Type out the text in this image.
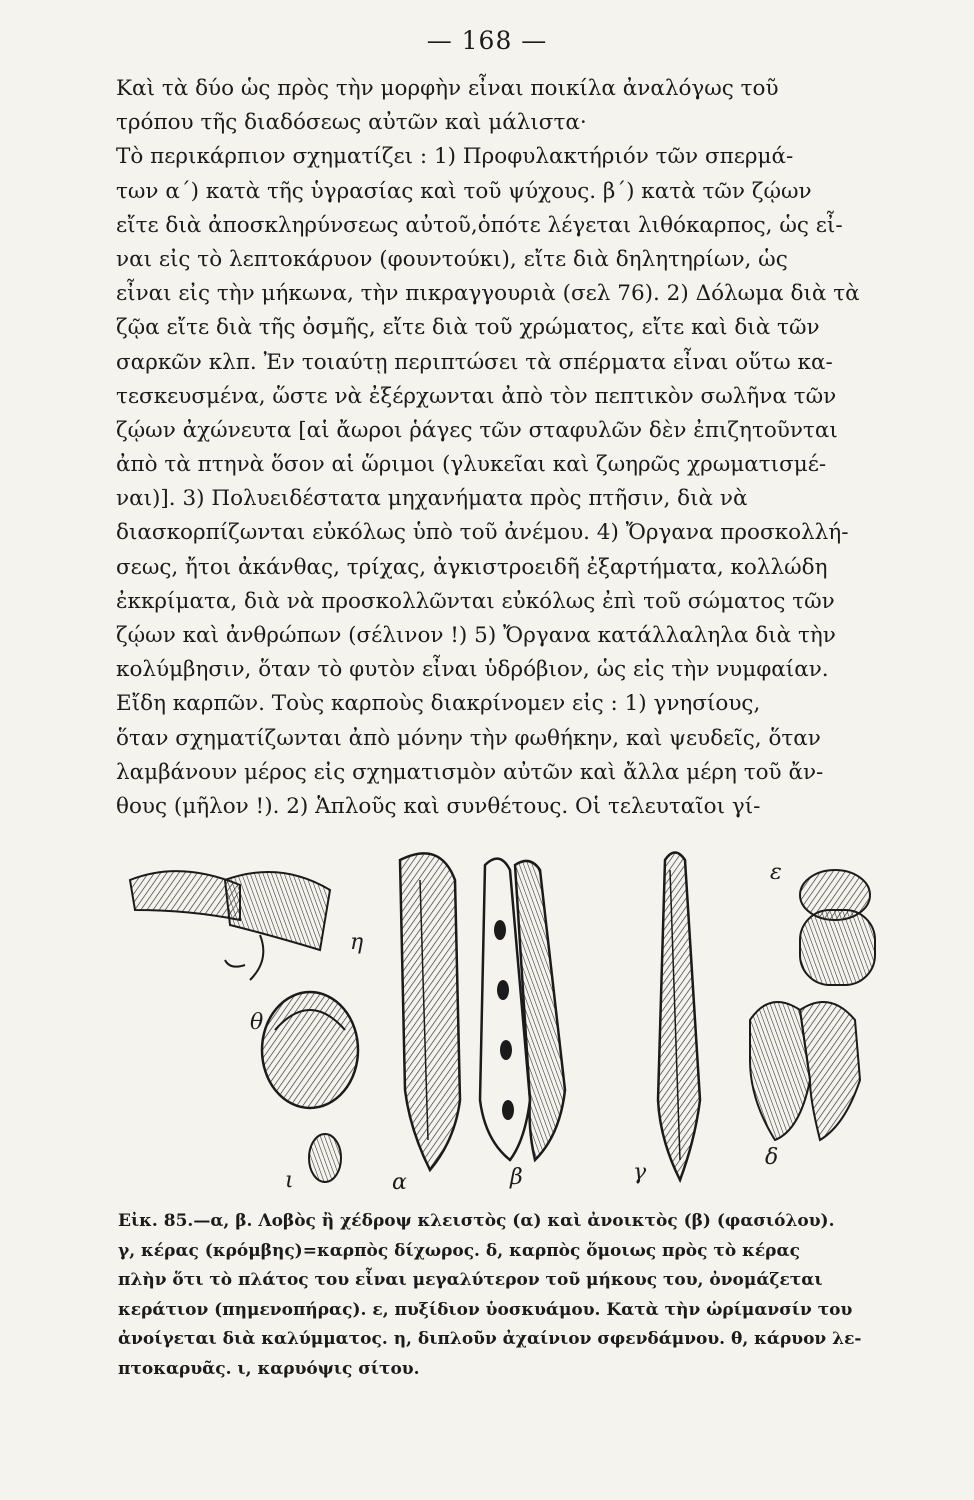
— 168 —
Καὶ τὰ δύο ὡς πρὸς τὴν μορφὴν εἶναι ποικίλα ἀναλόγως τοῦ
τρόπου τῆς διαδόσεως αὐτῶν καὶ μάλιστα·
Τὸ περικάρπιον σχηματίζει : 1) Προφυλακτήριόν τῶν σπερμά-
των α΄) κατὰ τῆς ὑγρασίας καὶ τοῦ ψύχους. β΄) κατὰ τῶν ζῴων
εἴτε διὰ ἀποσκληρύνσεως αὐτοῦ,ὁπότε λέγεται λιθόκαρπος, ὡς εἶ-
ναι εἰς τὸ λεπτοκάρυον (φουντούκι), εἴτε διὰ δηλητηρίων, ὡς
εἶναι εἰς τὴν μήκωνα, τὴν πικραγγουριὰ (σελ 76). 2) Δόλωμα διὰ τὰ
ζῷα εἴτε διὰ τῆς ὀσμῆς, εἴτε διὰ τοῦ χρώματος, εἴτε καὶ διὰ τῶν
σαρκῶν κλπ. Ἐν τοιαύτῃ περιπτώσει τὰ σπέρματα εἶναι οὕτω κα-
τεσκευσμένα, ὥστε νὰ ἐξέρχωνται ἀπὸ τὸν πεπτικὸν σωλῆνα τῶν
ζῴων ἀχώνευτα [αἱ ἄωροι ῥάγες τῶν σταφυλῶν δὲν ἐπιζητοῦνται
ἀπὸ τὰ πτηνὰ ὅσον αἱ ὥριμοι (γλυκεῖαι καὶ ζωηρῶς χρωματισμέ-
ναι)]. 3) Πολυειδέστατα μηχανήματα πρὸς πτῆσιν, διὰ νὰ
διασκορπίζωνται εὐκόλως ὑπὸ τοῦ ἀνέμου. 4) Ὄργανα προσκολλή-
σεως, ἤτοι ἀκάνθας, τρίχας, ἀγκιστροειδῆ ἐξαρτήματα, κολλώδη
ἐκκρίματα, διὰ νὰ προσκολλῶνται εὐκόλως ἐπὶ τοῦ σώματος τῶν
ζῴων καὶ ἀνθρώπων (σέλινον !) 5) Ὄργανα κατάλλαληλα διὰ τὴν
κολύμβησιν, ὅταν τὸ φυτὸν εἶναι ὑδρόβιον, ὡς εἰς τὴν νυμφαίαν.
Εἴδη καρπῶν. Τοὺς καρποὺς διακρίνομεν εἰς : 1) γνησίους,
ὅταν σχηματίζωνται ἀπὸ μόνην τὴν φωθήκην, καὶ ψευδεῖς, ὅταν
λαμβάνουν μέρος εἰς σχηματισμὸν αὐτῶν καὶ ἄλλα μέρη τοῦ ἄν-
θους (μῆλον !). 2) Ἁπλοῦς καὶ συνθέτους. Οἱ τελευταῖοι γί-
η
θ
ι	α	β	γ
δ
ε
Εἰκ. 85.—α, β. Λοβὸς ἢ χέδροψ κλειστὸς (α) καὶ ἀνοικτὸς (β) (φασιόλου).
γ, κέρας (κρόμβης)=καρπὸς δίχωρος. δ, καρπὸς ὅμοιως πρὸς τὸ κέρας
πλὴν ὅτι τὸ πλάτος του εἶναι μεγαλύτερον τοῦ μήκους του, ὀνομάζεται
κεράτιον (πημενοπήρας). ε, πυξίδιον ὑοσκυάμου. Κατὰ τὴν ὡρίμανσίν του
ἀνοίγεται διὰ καλύμματος. η, διπλοῦν ἀχαίνιον σφενδάμνου. θ, κάρυον λε-
πτοκαρυᾶς. ι, καρυόψις σίτου.
